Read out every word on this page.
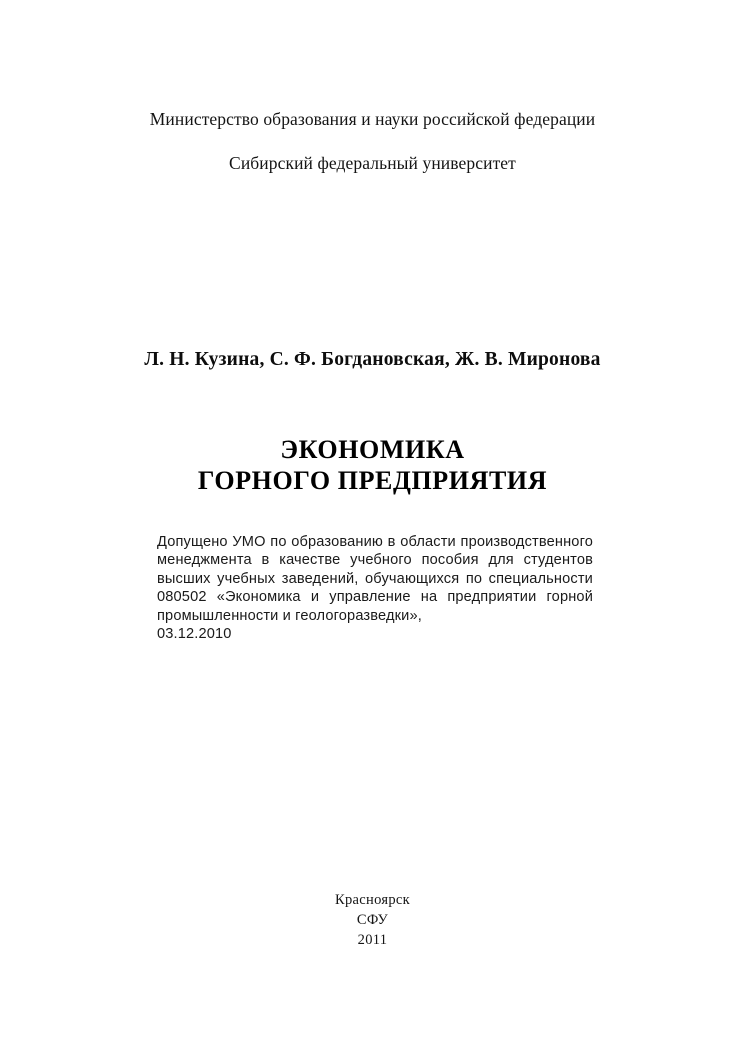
Министерство образования и науки российской федерации
Сибирский федеральный университет
Л. Н. Кузина, С. Ф. Богдановская, Ж. В. Миронова
ЭКОНОМИКА
ГОРНОГО ПРЕДПРИЯТИЯ

Допущено УМО по образованию в области производственного менеджмента в качестве учебного пособия для студентов высших учебных заведений, обучающихся по специальности 080502 «Экономика и управление на предприятии горной промышленности и геологоразведки»,

03.12.2010

Красноярск
СФУ
2011
